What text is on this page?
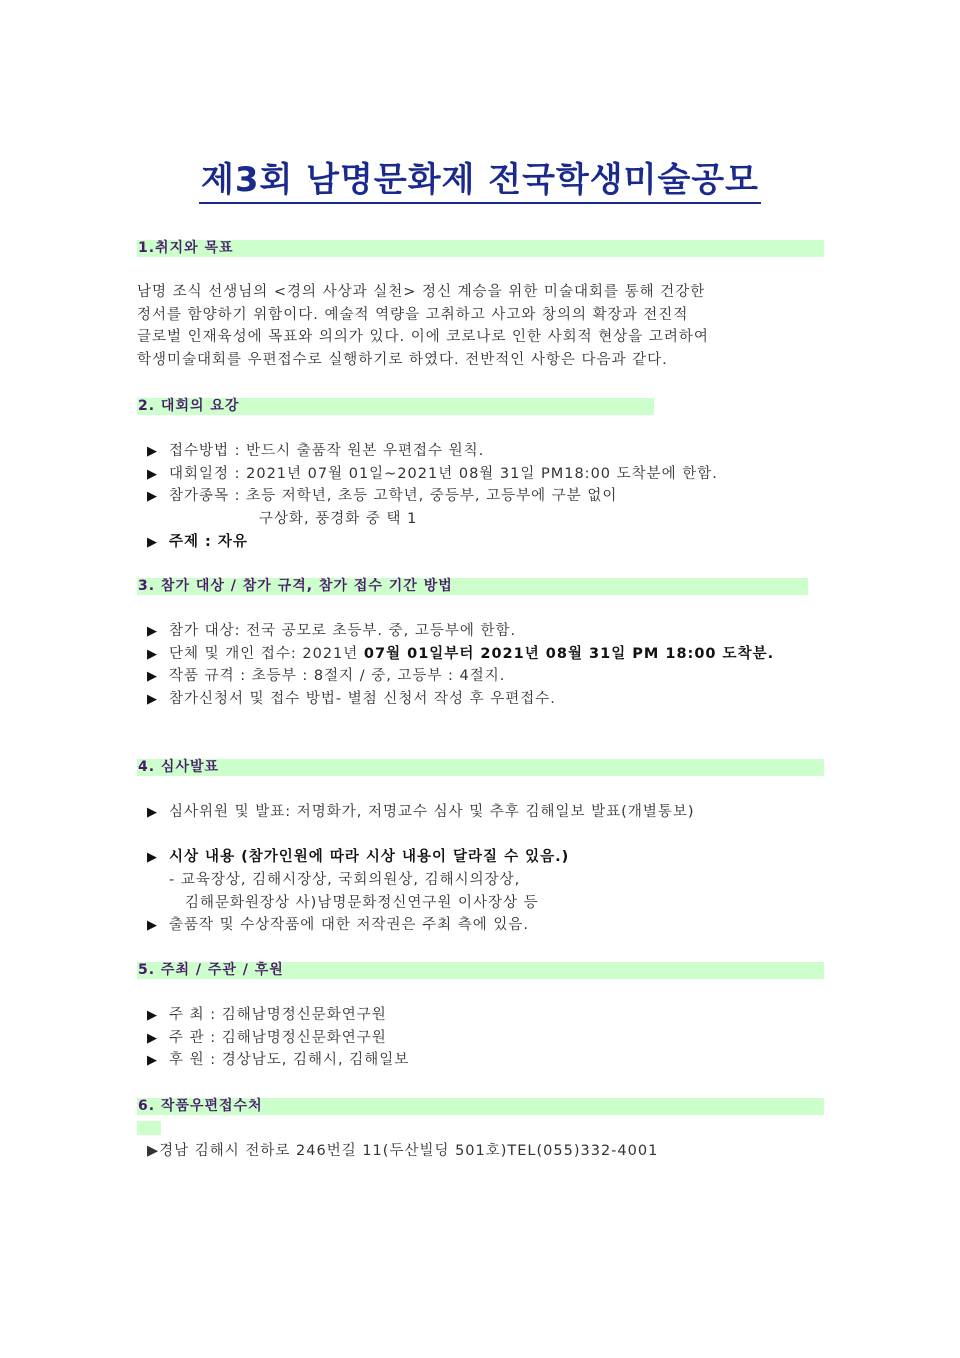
제3회 남명문화제 전국학생미술공모
1.취지와 목표
남명 조식 선생님의 <경의 사상과 실천> 정신 계승을 위한 미술대회를 통해 건강한
정서를 함양하기 위함이다. 예술적 역량을 고취하고 사고와 창의의 확장과 전진적
글로벌 인재육성에 목표와 의의가 있다. 이에 코로나로 인한 사회적 현상을 고려하여
학생미술대회를 우편접수로 실행하기로 하였다. 전반적인 사항은 다음과 같다.
2. 대회의 요강
▶ 접수방법 : 반드시 출품작 원본 우편접수 원칙.
▶ 대회일정 : 2021년 07월 01일~2021년 08월 31일 PM18:00 도착분에 한함.
▶ 참가종목 : 초등 저학년, 초등 고학년, 중등부, 고등부에 구분 없이
구상화, 풍경화 중 택 1
▶ 주제 : 자유
3. 참가 대상 / 참가 규격, 참가 접수 기간 방법
▶ 참가 대상: 전국 공모로 초등부. 중, 고등부에 한함.
▶ 단체 및 개인 접수: 2021년 07월 01일부터 2021년 08월 31일 PM 18:00 도착분.
▶ 작품 규격 : 초등부 : 8절지 / 중, 고등부 : 4절지.
▶ 참가신청서 및 접수 방법- 별첨 신청서 작성 후 우편접수.
4. 심사발표
▶ 심사위원 및 발표: 저명화가, 저명교수 심사 및 추후 김해일보 발표(개별통보)
▶ 시상 내용 (참가인원에 따라 시상 내용이 달라질 수 있음.)
- 교육장상, 김해시장상, 국회의원상, 김해시의장상,
김해문화원장상 사)남명문화정신연구원 이사장상 등
▶ 출품작 및 수상작품에 대한 저작권은 주최 측에 있음.
5. 주최 / 주관 / 후원
▶ 주 최 : 김해남명정신문화연구원
▶ 주 관 : 김해남명정신문화연구원
▶ 후 원 : 경상남도, 김해시, 김해일보
6. 작품우편접수처
▶경남 김해시 전하로 246번길 11(두산빌딩 501호)TEL(055)332-4001
